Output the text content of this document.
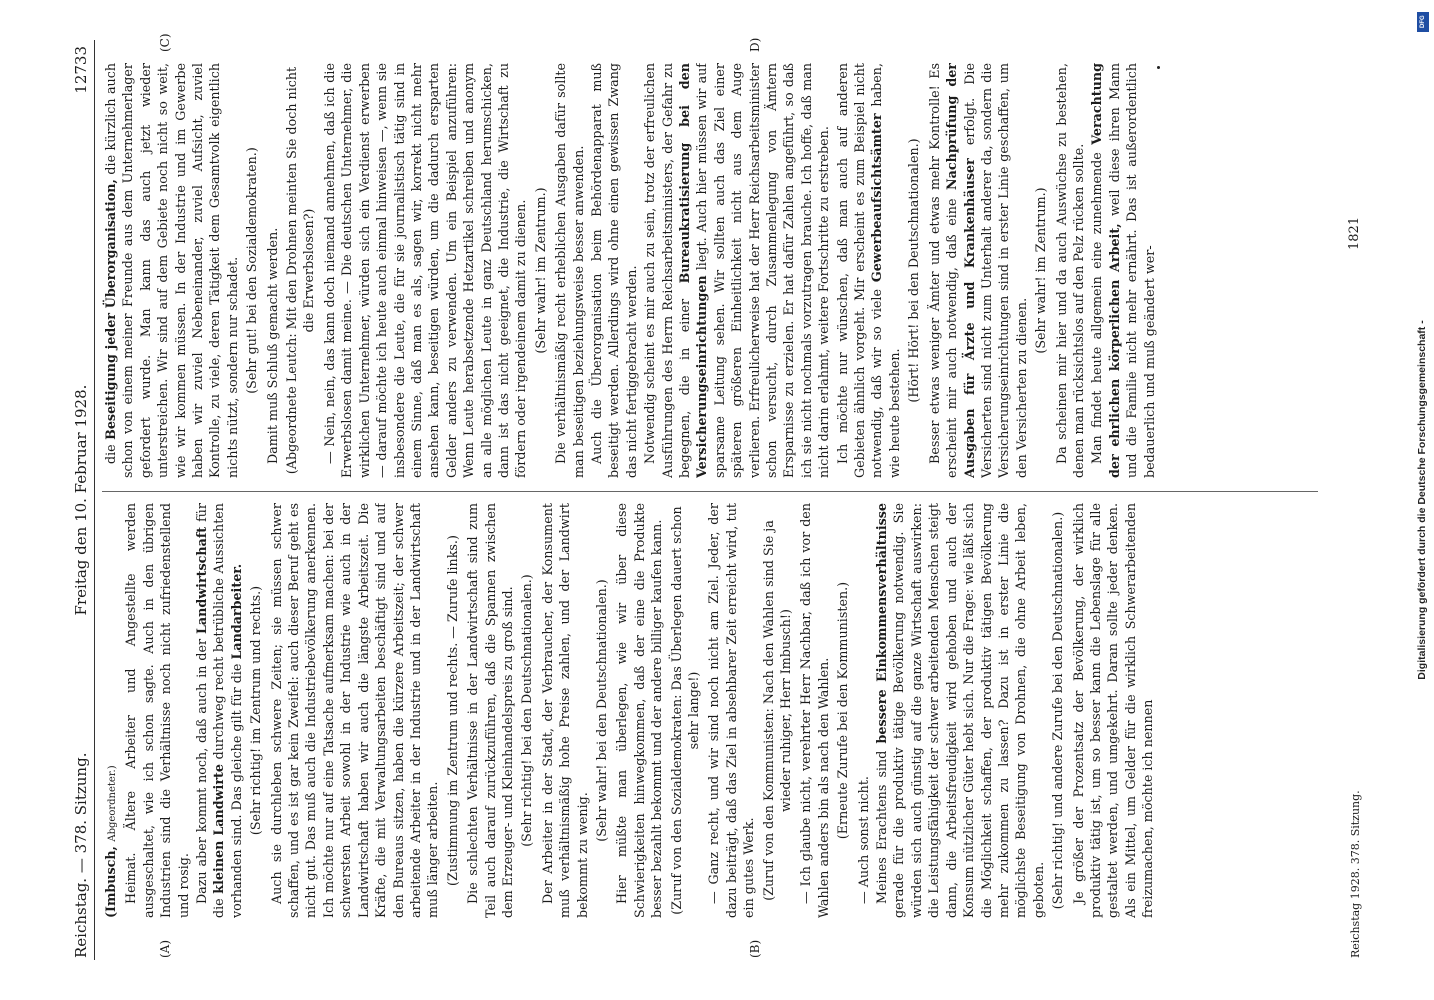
Reichstag. — 378. Sitzung.
Freitag den 10. Februar 1928.
12733
(A)	(B)
(C)	D)

(Imbusch, Abgeordneter.) Heimat. Ältere Arbeiter und Angestellte werden ausgeschaltet, wie ich schon sagte. Auch in den übrigen Industrien sind die Verhältnisse noch nicht zufriedenstellend und rosig. Dazu aber kommt noch, daß auch in der Landwirtschaft für die kleinen Landwirte durchweg recht betrübliche Aussichten vorhanden sind. Das gleiche gilt für die Landarbeiter. (Sehr richtig! im Zentrum und rechts.) Auch sie durchleben schwere Zeiten; sie müssen schwer schaffen, und es ist gar kein Zweifel: auch dieser Beruf geht es nicht gut. Das muß auch die Industriebevölkerung anerkennen. Ich möchte nur auf eine Tatsache aufmerksam machen: bei der schwersten Arbeit sowohl in der Industrie wie auch in der Landwirtschaft haben wir auch die längste Arbeitszeit. Die Kräfte, die mit Verwaltungsarbeiten beschäftigt sind und auf den Bureaus sitzen, haben die kürzere Arbeitszeit; der schwer arbeitende Arbeiter in der Industrie und in der Landwirtschaft muß länger arbeiten. (Zustimmung im Zentrum und rechts. — Zurufe links.) Die schlechten Verhältnisse in der Landwirtschaft sind zum Teil auch darauf zurückzuführen, daß die Spannen zwischen dem Erzeuger- und Kleinhandelspreis zu groß sind. (Sehr richtig! bei den Deutschnationalen.) Der Arbeiter in der Stadt, der Verbraucher, der Konsument muß verhältnismäßig hohe Preise zahlen, und der Landwirt bekommt zu wenig.

(Sehr wahr! bei den Deutschnationalen.) Hier müßte man überlegen, wie wir über diese Schwierigkeiten hinwegkommen, daß der eine die Produkte besser bezahlt bekommt und der andere billiger kaufen kann. (Zuruf von den Sozialdemokraten: Das Überlegen dauert schon sehr lange!) — Ganz recht, und wir sind noch nicht am Ziel. Jeder, der dazu beiträgt, daß das Ziel in absehbarer Zeit erreicht wird, tut ein gutes Werk. (Zuruf von den Kommunisten: Nach den Wahlen sind Sie ja wieder ruhiger, Herr Imbusch!) — Ich glaube nicht, verehrter Herr Nachbar, daß ich vor den Wahlen anders bin als nach den Wahlen. (Erneute Zurufe bei den Kommunisten.)

— Auch sonst nicht. Meines Erachtens sind bessere Einkommensverhältnisse gerade für die produktiv tätige Bevölkerung notwendig. Sie würden sich auch günstig auf die ganze Wirtschaft auswirken: die Leistungsfähigkeit der schwer arbeitenden Menschen steigt dann, die Arbeitsfreudigkeit wird gehoben und auch der Konsum nützlicher Güter hebt sich. Nur die Frage: wie läßt sich die Möglichkeit schaffen, der produktiv tätigen Bevölkerung mehr zukommen zu lassen? Dazu ist in erster Linie die möglichste Beseitigung von Drohnen, die ohne Arbeit leben, geboten. (Sehr richtig! und andere Zurufe bei den Deutschnationalen.) Je größer der Prozentsatz der Bevölkerung, der wirklich produktiv tätig ist, um so besser kann die Lebenslage für alle gestaltet werden, und umgekehrt. Daran sollte jeder denken. Als ein Mittel, um Gelder für die wirklich Schwerarbeitenden freizumachen, möchte ich nennen

die Beseitigung jeder Überorganisation, die kürzlich auch schon von einem meiner Freunde aus dem Unternehmerlager gefordert wurde. Man kann das auch jetzt wieder unterstreichen. Wir sind auf dem Gebiete noch nicht so weit, wie wir kommen müssen. In der Industrie und im Gewerbe haben wir zuviel Nebeneinander, zuviel Aufsicht, zuviel Kontrolle, zu viele, deren Tätigkeit dem Gesamtvolk eigentlich nichts nützt, sondern nur schadet. (Sehr gut! bei den Sozialdemokraten.) Damit muß Schluß gemacht werden. (Abgeordnete Leutch: Mit den Drohnen meinten Sie doch nicht die Erwerbslosen?) — Nein, nein, das kann doch niemand annehmen, daß ich die Erwerbslosen damit meine. — Die deutschen Unternehmer, die wirklichen Unternehmer, würden sich ein Verdienst erwerben — darauf möchte ich heute auch einmal hinweisen —, wenn sie insbesondere die Leute, die für sie journalistisch tätig sind in einem Sinne, daß man es als, sagen wir, korrekt nicht mehr ansehen kann, beseitigen würden, um die dadurch ersparten Gelder anders zu verwenden. Um ein Beispiel anzuführen: Wenn Leute herabsetzende Hetzartikel schreiben und anonym an alle möglichen Leute in ganz Deutschland herumschicken, dann ist das nicht geeignet, die Industrie, die Wirtschaft zu fördern oder irgendeinem damit zu dienen. (Sehr wahr! im Zentrum.) Die verhältnismäßig recht erheblichen Ausgaben dafür sollte man beseitigen beziehungsweise besser anwenden. Auch die Überorganisation beim Behördenapparat muß beseitigt werden. Allerdings wird ohne einen gewissen Zwang das nicht fertiggebracht werden. Notwendig scheint es mir auch zu sein, trotz der erfreulichen Ausführungen des Herrn Reichsarbeitsministers, der Gefahr zu begegnen, die in einer Bureaukratisierung bei den Versicherungseinrichtungen liegt. Auch hier müssen wir auf sparsame Leitung sehen. Wir sollten auch das Ziel einer späteren größeren Einheitlichkeit nicht aus dem Auge verlieren. Erfreulicherweise hat der Herr Reichsarbeitsminister schon versucht, durch Zusammenlegung von Ämtern Ersparnisse zu erzielen. Er hat dafür Zahlen angeführt, so daß ich sie nicht nochmals vorzutragen brauche. Ich hoffe, daß man nicht darin erlahmt, weitere Fortschritte zu erstreben. Ich möchte nur wünschen, daß man auch auf anderen Gebieten ähnlich vorgeht. Mir erscheint es zum Beispiel nicht notwendig, daß wir so viele Gewerbeaufsichtsämter haben, wie heute bestehen.

(Hört! Hört! bei den Deutschnationalen.) Besser etwas weniger Ämter und etwas mehr Kontrolle! Es erscheint mir auch notwendig, daß eine Nachprüfung der Ausgaben für Ärzte und Krankenhäuser erfolgt. Die Versicherten sind nicht zum Unterhalt anderer da, sondern die Versicherungseinrichtungen sind in erster Linie geschaffen, um den Versicherten zu dienen.

(Sehr wahr! im Zentrum.) Da scheinen mir hier und da auch Auswüchse zu bestehen, denen man rücksichtslos auf den Pelz rücken sollte. Man findet heute allgemein eine zunehmende Verachtung der ehrlichen körperlichen Arbeit, weil diese ihren Mann und die Familie nicht mehr ernährt. Das ist außerordentlich bedauerlich und muß geändert wer-

Reichstag 1928. 378. Sitzung.
1821
DFG
Digitalisierung gefördert durch die Deutsche Forschungsgemeinschaft -
